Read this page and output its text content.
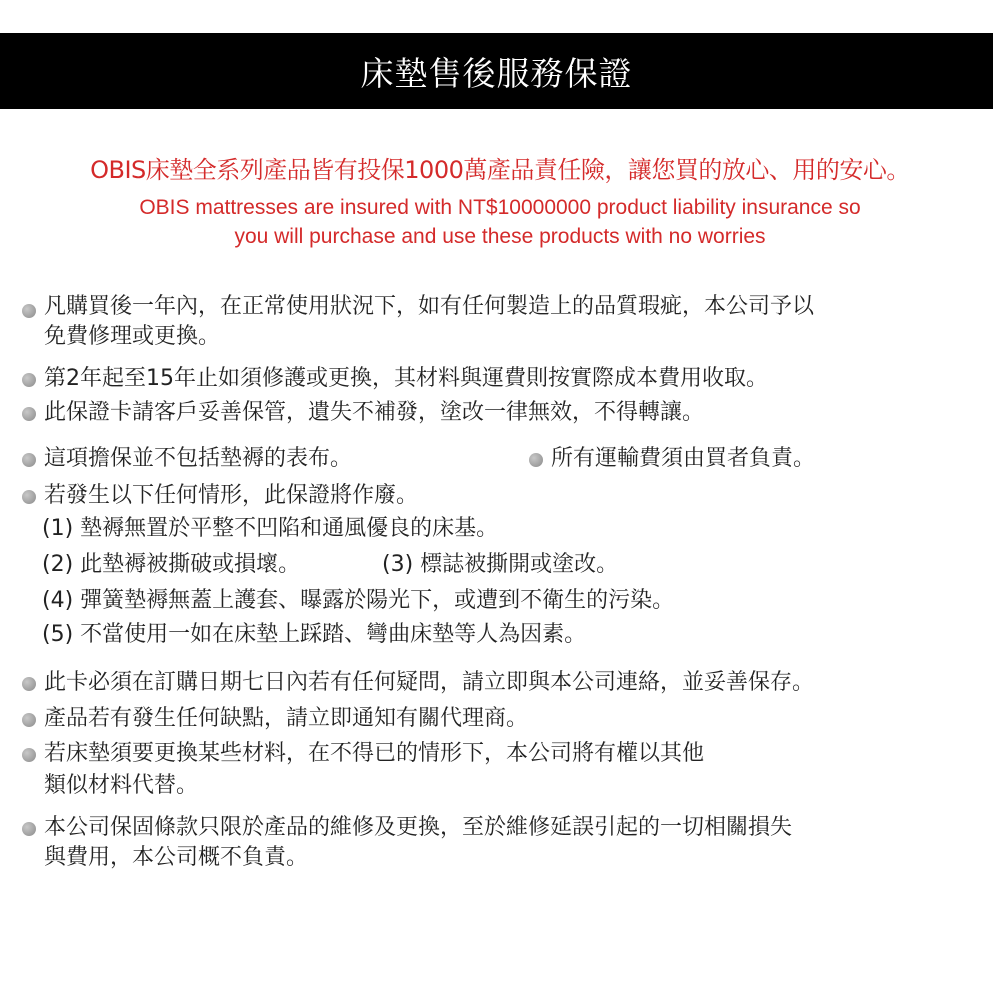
床墊售後服務保證
OBIS床墊全系列產品皆有投保1000萬產品責任險，讓您買的放心、用的安心。
OBIS mattresses are insured with NT$10000000 product liability insurance so
you will purchase and use these products with no worries
凡購買後一年內，在正常使用狀況下，如有任何製造上的品質瑕疵，本公司予以
免費修理或更換。
第2年起至15年止如須修護或更換，其材料與運費則按實際成本費用收取。
此保證卡請客戶妥善保管，遺失不補發，塗改一律無效，不得轉讓。
這項擔保並不包括墊褥的表布。	所有運輸費須由買者負責。
若發生以下任何情形，此保證將作廢。
(1) 墊褥無置於平整不凹陷和通風優良的床基。
(2) 此墊褥被撕破或損壞。	(3) 標誌被撕開或塗改。
(4) 彈簧墊褥無蓋上護套、曝露於陽光下，或遭到不衛生的污染。
(5) 不當使用一如在床墊上踩踏、彎曲床墊等人為因素。
此卡必須在訂購日期七日內若有任何疑問，請立即與本公司連絡，並妥善保存。
產品若有發生任何缺點，請立即通知有關代理商。
若床墊須要更換某些材料，在不得已的情形下，本公司將有權以其他
類似材料代替。
本公司保固條款只限於產品的維修及更換，至於維修延誤引起的一切相關損失
與費用，本公司概不負責。
